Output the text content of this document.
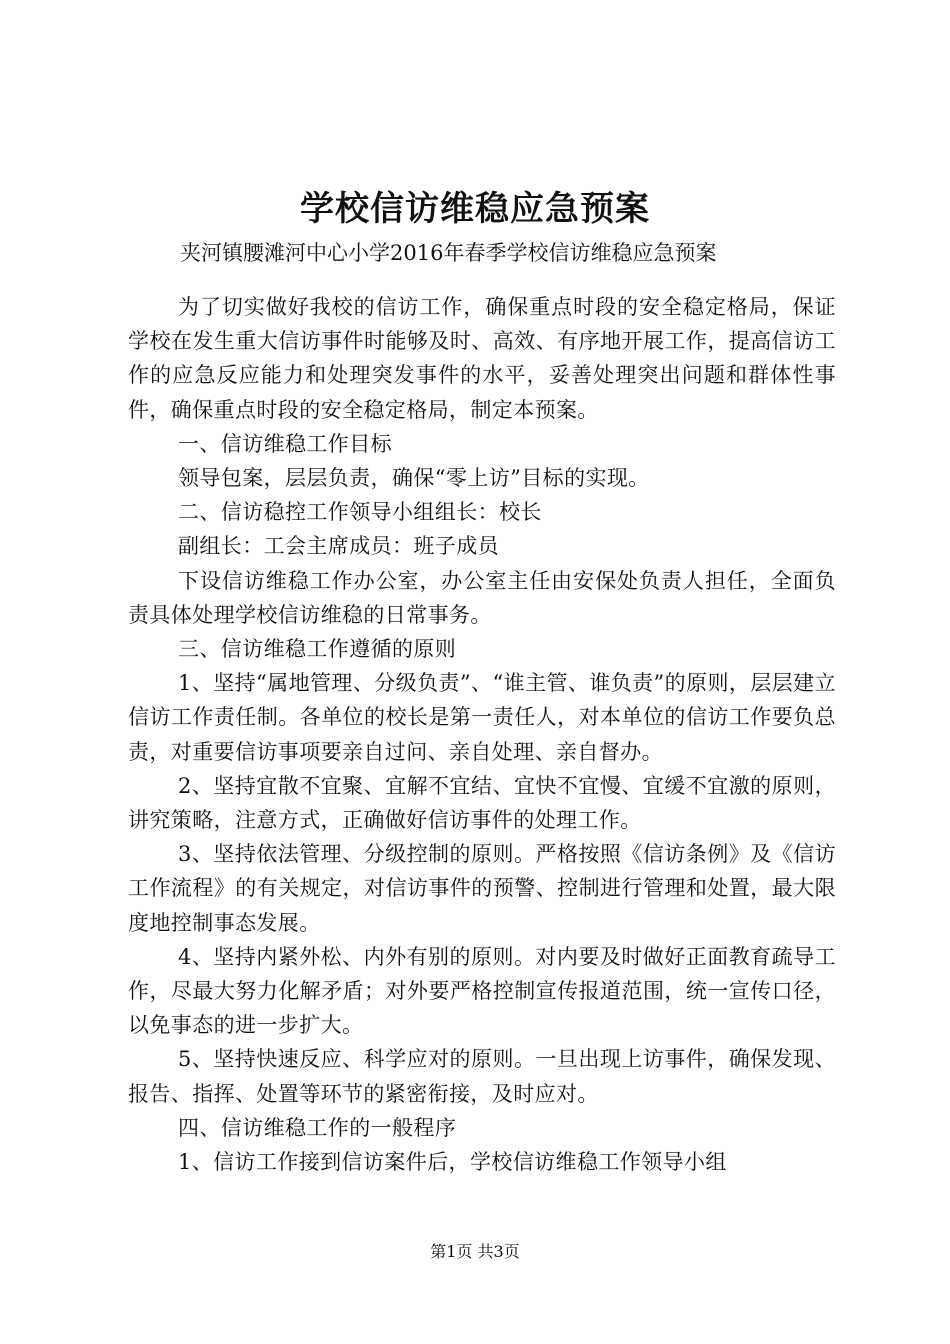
学校信访维稳应急预案
夹河镇腰滩河中心小学2016年春季学校信访维稳应急预案

为了切实做好我校的信访工作，确保重点时段的安全稳定格局，保证学校在发生重大信访事件时能够及时、高效、有序地开展工作，提高信访工作的应急反应能力和处理突发事件的水平，妥善处理突出问题和群体性事件，确保重点时段的安全稳定格局，制定本预案。

一、信访维稳工作目标

领导包案，层层负责，确保“零上访”目标的实现。

二、信访稳控工作领导小组组长：校长

副组长：工会主席成员：班子成员

下设信访维稳工作办公室，办公室主任由安保处负责人担任，全面负责具体处理学校信访维稳的日常事务。

三、信访维稳工作遵循的原则

1、坚持“属地管理、分级负责”、“谁主管、谁负责”的原则，层层建立信访工作责任制。各单位的校长是第一责任人，对本单位的信访工作要负总责，对重要信访事项要亲自过问、亲自处理、亲自督办。

2、坚持宜散不宜聚、宜解不宜结、宜快不宜慢、宜缓不宜激的原则，讲究策略，注意方式，正确做好信访事件的处理工作。

3、坚持依法管理、分级控制的原则。严格按照《信访条例》及《信访工作流程》的有关规定，对信访事件的预警、控制进行管理和处置，最大限度地控制事态发展。

4、坚持内紧外松、内外有别的原则。对内要及时做好正面教育疏导工作，尽最大努力化解矛盾；对外要严格控制宣传报道范围，统一宣传口径，以免事态的进一步扩大。

5、坚持快速反应、科学应对的原则。一旦出现上访事件，确保发现、报告、指挥、处置等环节的紧密衔接，及时应对。

四、信访维稳工作的一般程序

1、信访工作接到信访案件后，学校信访维稳工作领导小组

第1页 共3页
